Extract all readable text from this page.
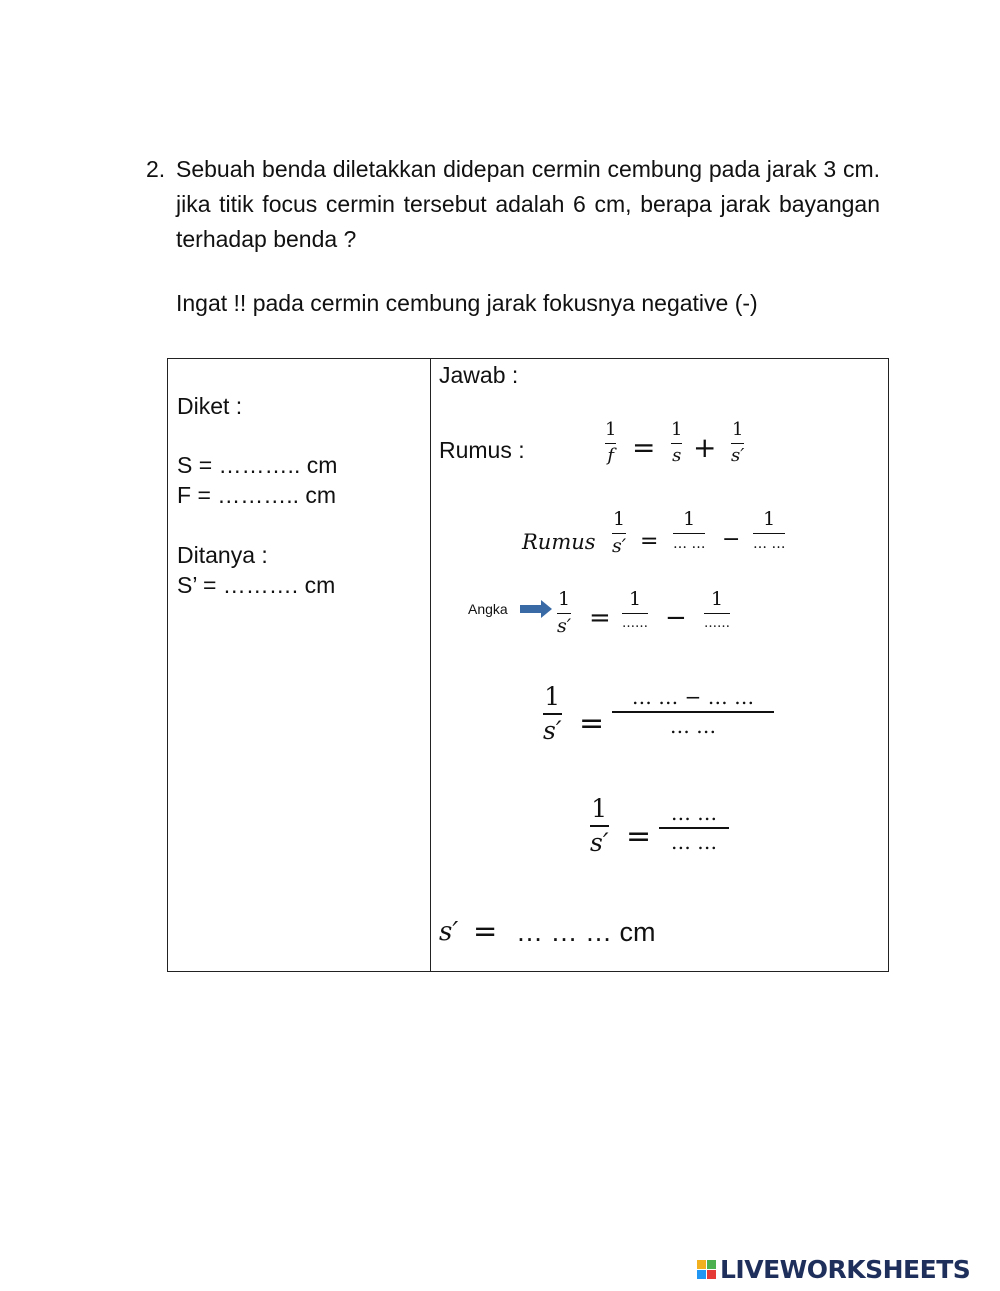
2. Sebuah benda diletakkan didepan cermin cembung pada jarak 3 cm. jika titik focus cermin tersebut adalah 6 cm, berapa jarak bayangan terhadap benda ?
Ingat !! pada cermin cembung jarak fokusnya negative (-)
Diket :
S = ……….. cm
F = ……….. cm
Ditanya :
S’ = ………. cm
Jawab :
Rumus :
1
f =
1
s +
1
s′
Rumus
1
s′ =
1
… … −
1
… …
Angka	1
s′ =
1
…… −
1
……
1
s′ =
… … − … …
… …
1
s′ =
… …
… …
s′ = … … … cm
LIVEWORKSHEETS
